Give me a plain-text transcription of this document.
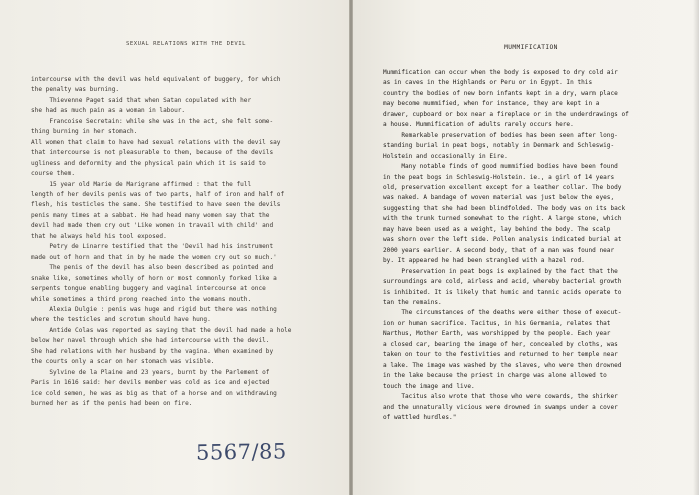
SEXUAL RELATIONS WITH THE DEVIL
intercourse with the devil was held equivalent of buggery, for which
the penalty was burning.
Thievenne Paget said that when Satan copulated with her
she had as much pain as a woman in labour.
Francoise Secretain: while she was in the act, she felt some-
thing burning in her stomach.
All women that claim to have had sexual relations with the devil say
that intercourse is not pleasurable to them, because of the devils
ugliness and deformity and the physical pain which it is said to
course them.
15 year old Marie de Marigrane affirmed : that the full
length of her devils penis was of two parts, half of iron and half of
flesh, his testicles the same. She testified to have seen the devils
penis many times at a sabbat. He had head many women say that the
devil had made them cry out 'Like women in travail with child' and
that he always held his tool exposed.
Petry de Linarre testified that the 'Devil had his instrument
made out of horn and that in by he made the women cry out so much.'
The penis of the devil has also been described as pointed and
snake like, sometimes wholly of horn or most commonly forked like a
serpents tongue enabling buggery and vaginal intercourse at once
while sometimes a third prong reached into the womans mouth.
Alexia Dulgie : penis was huge and rigid but there was nothing
where the testicles and scrotum should have hung.
Antide Colas was reported as saying that the devil had made a hole
below her navel through which she had intercourse with the devil.
She had relations with her husband by the vagina. When examined by
the courts only a scar on her stomach was visible.
Sylvine de la Plaine and 23 years, burnt by the Parlement of
Paris in 1616 said: her devils member was cold as ice and ejected
ice cold semen, he was as big as that of a horse and on withdrawing
burned her as if the penis had been on fire.
MUMMIFICATION
Mummification can occur when the body is exposed to dry cold air
as in caves in the Highlands or Peru or in Egypt. In this
country the bodies of new born infants kept in a dry, warm place
may become mummified, when for instance, they are kept in a
drawer, cupboard or box near a fireplace or in the underdrawings of
a house. Mummification of adults rarely occurs here.
Remarkable preservation of bodies has been seen after long-
standing burial in peat bogs, notably in Denmark and Schleswig-
Holstein and occasionally in Eire.
Many notable finds of good mummified bodies have been found
in the peat bogs in Schleswig-Holstein. ie., a girl of 14 years
old, preservation excellent except for a leather collar. The body
was naked. A bandage of woven material was just below the eyes,
suggesting that she had been blindfolded. The body was on its back
with the trunk turned somewhat to the right. A large stone, which
may have been used as a weight, lay behind the body. The scalp
was shorn over the left side. Pollen analysis indicated burial at
2000 years earlier. A second body, that of a man was found near
by. It appeared he had been strangled with a hazel rod.
Preservation in peat bogs is explained by the fact that the
surroundings are cold, airless and acid, whereby bacterial growth
is inhibited. It is likely that humic and tannic acids operate to
tan the remains.
The circumstances of the deaths were either those of execut-
ion or human sacrifice. Tacitus, in his Germania, relates that
Narthus, Mother Earth, was worshipped by the people. Each year
a closed car, bearing the image of her, concealed by cloths, was
taken on tour to the festivities and returned to her temple near
a lake. The image was washed by the slaves, who were then drowned
in the lake because the priest in charge was alone allowed to
touch the image and live.
Tacitus also wrote that those who were cowards, the shirker
and the unnaturally vicious were drowned in swamps under a cover
of wattled hurdles."
5567/85
